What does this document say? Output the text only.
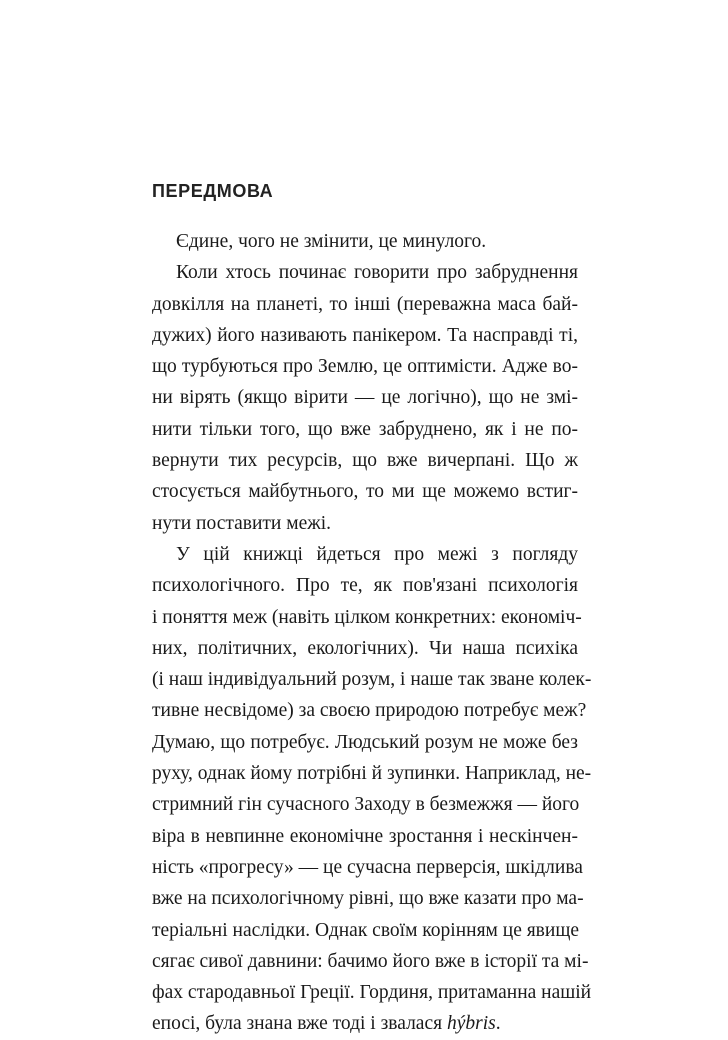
ПЕРЕДМОВА
Єдине, чого не змінити, це минулого.
Коли хтось починає говорити про забруднення
довкілля на планеті, то інші (переважна маса бай-
дужих) його називають панікером. Та насправді ті,
що турбуються про Землю, це оптимісти. Адже во-
ни вірять (якщо вірити — це логічно), що не змі-
нити тільки того, що вже забруднено, як і не по-
вернути тих ресурсів, що вже вичерпані. Що ж
стосується майбутнього, то ми ще можемо встиг-
нути поставити межі.
У цій книжці йдеться про межі з погляду
психологічного. Про те, як пов'язані психологія
і поняття меж (навіть цілком конкретних: економіч-
них, політичних, екологічних). Чи наша психіка
(і наш індивідуальний розум, і наше так зване колек-
тивне несвідоме) за своєю природою потребує меж?
Думаю, що потребує. Людський розум не може без
руху, однак йому потрібні й зупинки. Наприклад, не-
стримний гін сучасного Заходу в безмежжя — його
віра в невпинне економічне зростання і нескінчен-
ність «прогресу» — це сучасна перверсія, шкідлива
вже на психологічному рівні, що вже казати про ма-
теріальні наслідки. Однак своїм корінням це явище
сягає сивої давнини: бачимо його вже в історії та мі-
фах стародавньої Греції. Гординя, притаманна нашій
епосі, була знана вже тоді і звалася hýbris.
